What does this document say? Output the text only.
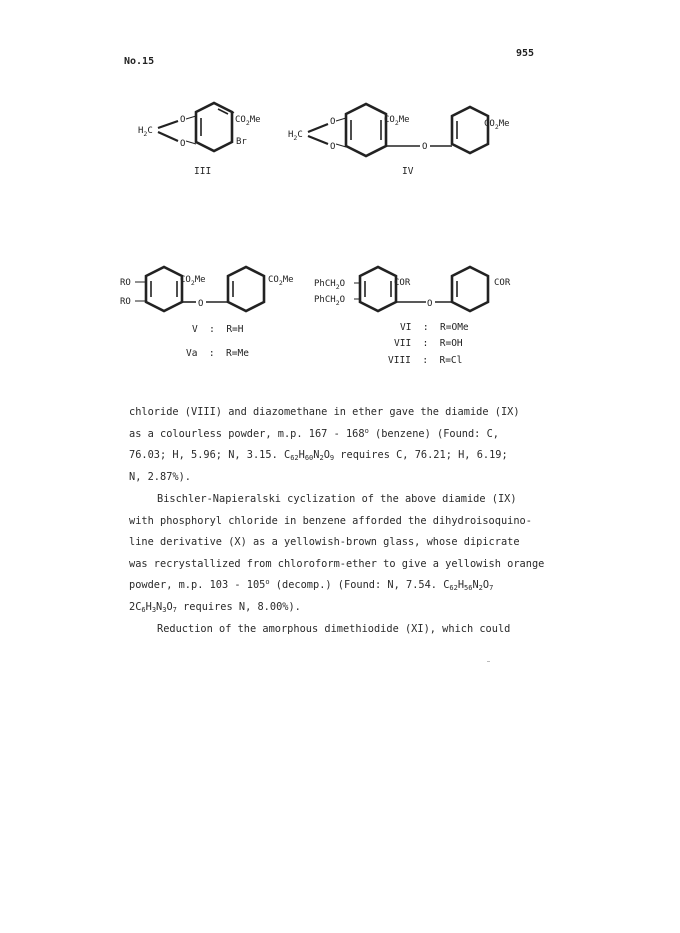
No.15
955
$H_2C$
O
O
$CO_2Me$
Br
III
$H_2C$
O
O
$CO_2Me$
O
$CO_2Me$
IV
RO
RO
$CO_2Me$
O
$CO_2Me$
V  :  R=H
Va  :  R=Me
PhCH$_2$O
PhCH$_2$O
COR
O
COR
VI  :  R=OMe
VII  :  R=OH
VIII  :  R=Cl
chloride (VIII) and diazomethane in ether gave the diamide (IX)
as a colourless powder, m.p. 167 - 168$^o$ (benzene) (Found: C,
76.03; H, 5.96; N, 3.15. $C_{62}H_{60}N_2O_9$ requires C, 76.21; H, 6.19;
N, 2.87%).
Bischler-Napieralski cyclization of the above diamide (IX)
with phosphoryl chloride in benzene afforded the dihydroisoquino-
line derivative (X) as a yellowish-brown glass, whose dipicrate
was recrystallized from chloroform-ether to give a yellowish orange
powder, m.p. 103 - 105$^o$ (decomp.) (Found: N, 7.54. $C_{62}H_{56}N_2O_7$
$2C_6H_3N_3O_7$ requires N, 8.00%).
Reduction of the amorphous dimethiodide (XI), which could
